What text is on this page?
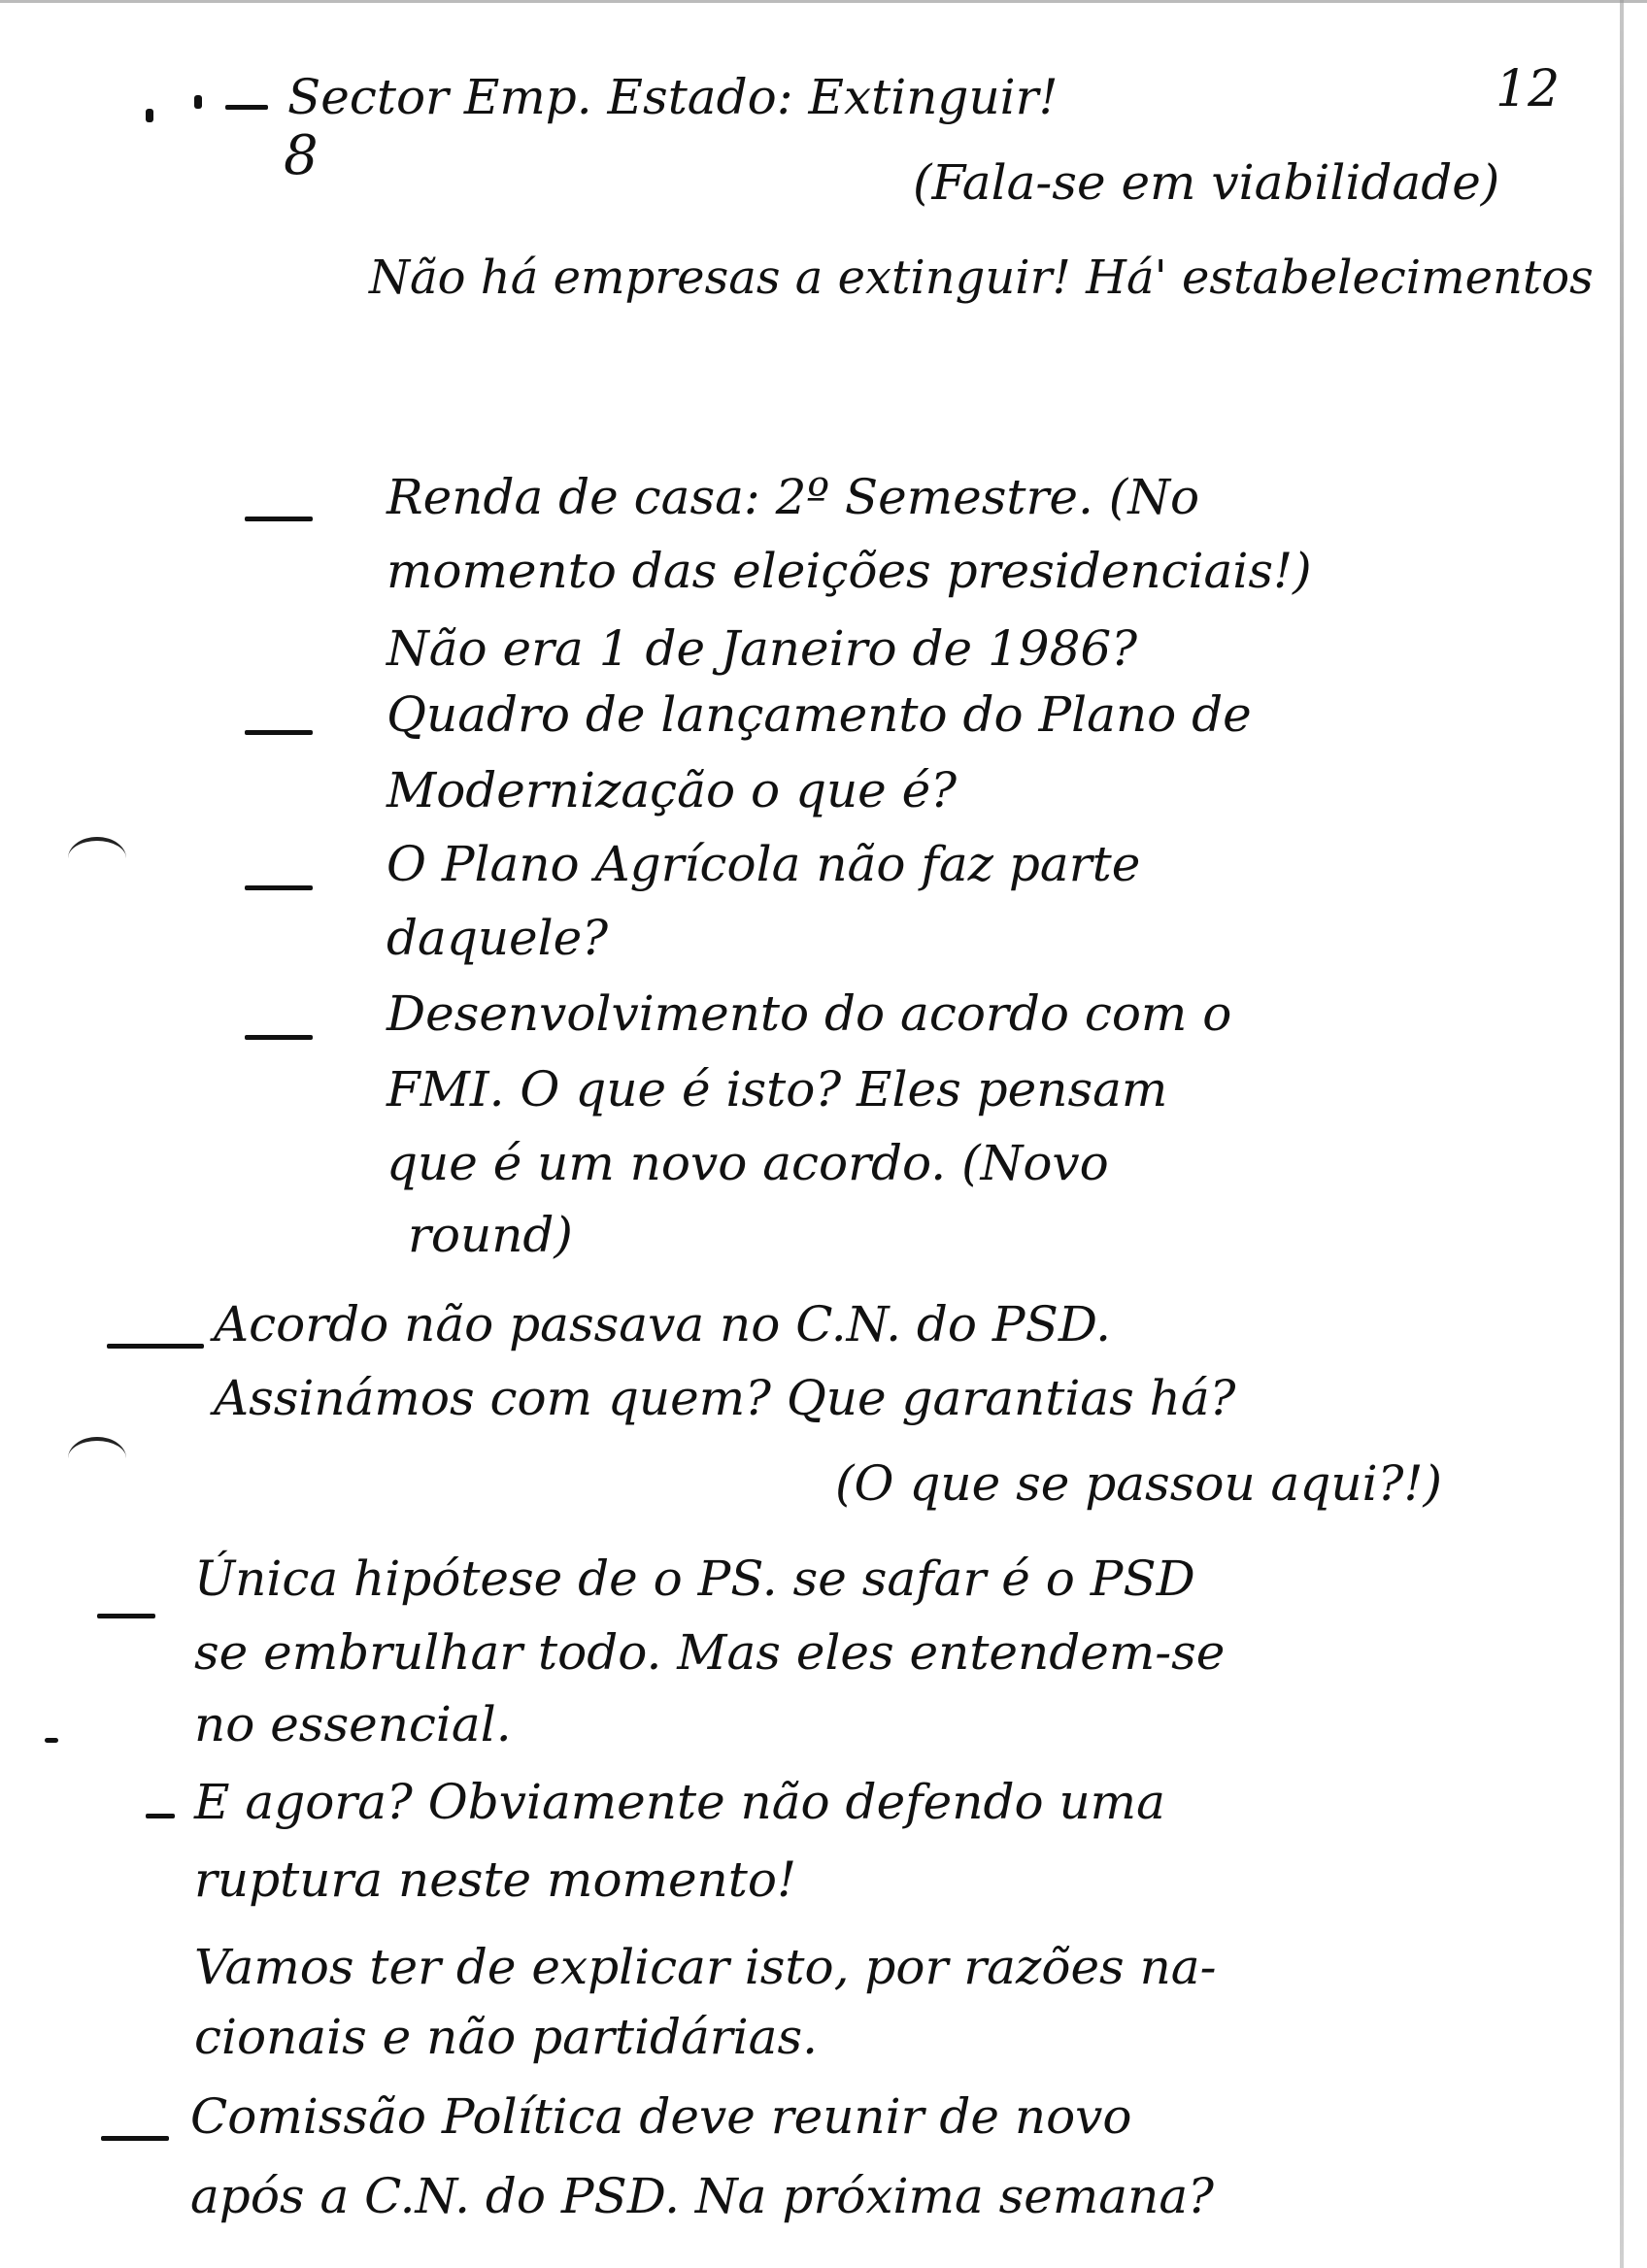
12
8
Sector Emp. Estado: Extinguir!
(Fala-se em viabilidade)
Não há empresas a extinguir! Há' estabelecimentos
Renda de casa: 2º Semestre. (No
momento das eleições presidenciais!)
Não era 1 de Janeiro de 1986?
Quadro de lançamento do Plano de
Modernização o que é?
O Plano Agrícola não faz parte
daquele?
Desenvolvimento do acordo com o
FMI. O que é isto? Eles pensam
que é um novo acordo. (Novo
round)
Acordo não passava no C.N. do PSD.
Assinámos com quem? Que garantias há?
(O que se passou aqui?!)
Única hipótese de o PS. se safar é o PSD
se embrulhar todo. Mas eles entendem-se
no essencial.
E agora? Obviamente não defendo uma
ruptura neste momento!
Vamos ter de explicar isto, por razões na-
cionais e não partidárias.
Comissão Política deve reunir de novo
após a C.N. do PSD. Na próxima semana?
